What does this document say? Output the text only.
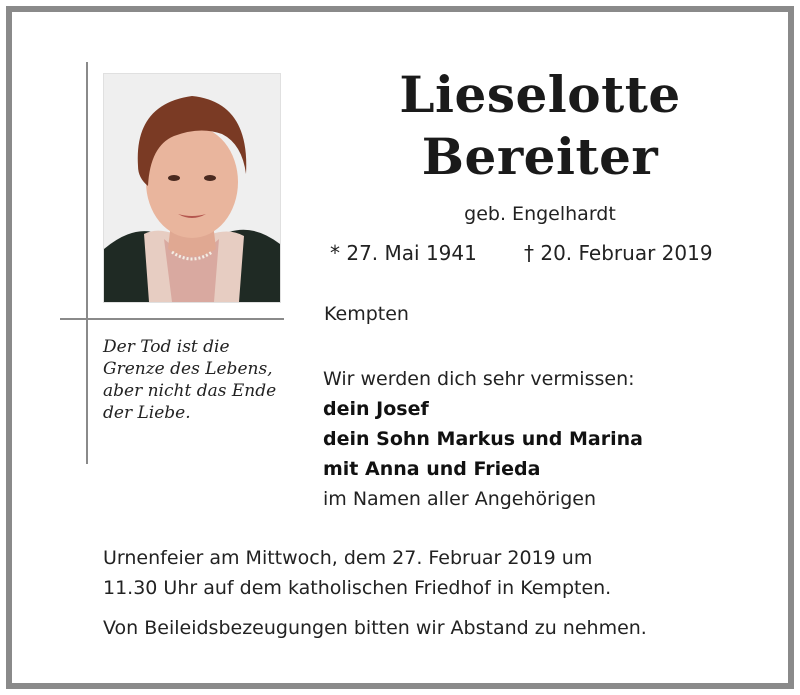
Der Tod ist die
Grenze des Lebens,
aber nicht das Ende
der Liebe.
Lieselotte
Bereiter
geb. Engelhardt
* 27. Mai 1941 † 20. Februar 2019
Kempten
Wir werden dich sehr vermissen:
dein Josef
dein Sohn Markus und Marina
mit Anna und Frieda
im Namen aller Angehörigen
Urnenfeier am Mittwoch, dem 27. Februar 2019 um
11.30 Uhr auf dem katholischen Friedhof in Kempten.
Von Beileidsbezeugungen bitten wir Abstand zu nehmen.
